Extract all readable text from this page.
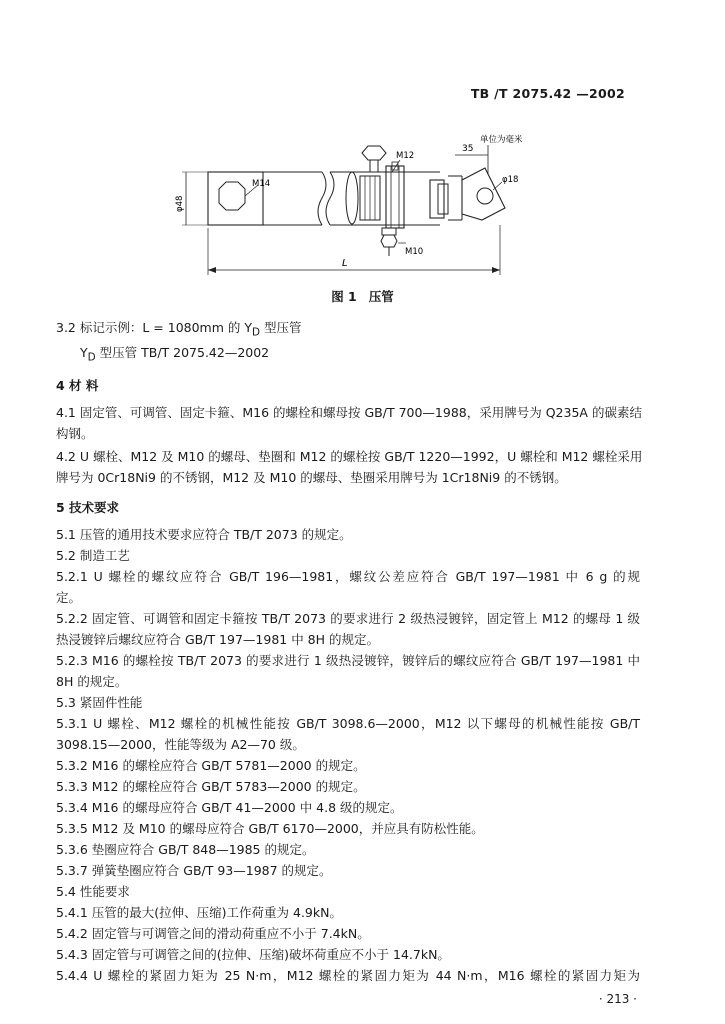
TB /T 2075.42 —2002
单位为毫米
35
φ48
M14
M12
M10
φ18
L
图 1 压管
3.2 标记示例：L = 1080mm 的 $Y_D$ 型压管
$Y_D$ 型压管 TB/T 2075.42—2002
4 材 料
4.1 固定管、可调管、固定卡箍、M16 的螺栓和螺母按 GB/T 700—1988，采用牌号为 Q235A 的碳素结
构钢。
4.2 U 螺栓、M12 及 M10 的螺母、垫圈和 M12 的螺栓按 GB/T 1220—1992，U 螺栓和 M12 螺栓采用
牌号为 0Cr18Ni9 的不锈钢，M12 及 M10 的螺母、垫圈采用牌号为 1Cr18Ni9 的不锈钢。
5 技术要求
5.1 压管的通用技术要求应符合 TB/T 2073 的规定。
5.2 制造工艺
5.2.1 U 螺栓的螺纹应符合 GB/T 196—1981，螺纹公差应符合 GB/T 197—1981 中 6 g 的规
定。
5.2.2 固定管、可调管和固定卡箍按 TB/T 2073 的要求进行 2 级热浸镀锌，固定管上 M12 的螺母 1 级
热浸镀锌后螺纹应符合 GB/T 197—1981 中 8H 的规定。
5.2.3 M16 的螺栓按 TB/T 2073 的要求进行 1 级热浸镀锌，镀锌后的螺纹应符合 GB/T 197—1981 中
8H 的规定。
5.3 紧固件性能
5.3.1 U 螺栓、M12 螺栓的机械性能按 GB/T 3098.6—2000，M12 以下螺母的机械性能按 GB/T
3098.15—2000，性能等级为 A2—70 级。
5.3.2 M16 的螺栓应符合 GB/T 5781—2000 的规定。
5.3.3 M12 的螺栓应符合 GB/T 5783—2000 的规定。
5.3.4 M16 的螺母应符合 GB/T 41—2000 中 4.8 级的规定。
5.3.5 M12 及 M10 的螺母应符合 GB/T 6170—2000，并应具有防松性能。
5.3.6 垫圈应符合 GB/T 848—1985 的规定。
5.3.7 弹簧垫圈应符合 GB/T 93—1987 的规定。
5.4 性能要求
5.4.1 压管的最大(拉伸、压缩)工作荷重为 4.9kN。
5.4.2 固定管与可调管之间的滑动荷重应不小于 7.4kN。
5.4.3 固定管与可调管之间的(拉伸、压缩)破坏荷重应不小于 14.7kN。
5.4.4 U 螺栓的紧固力矩为 25 N·m，M12 螺栓的紧固力矩为 44 N·m，M16 螺栓的紧固力矩为
· 213 ·
